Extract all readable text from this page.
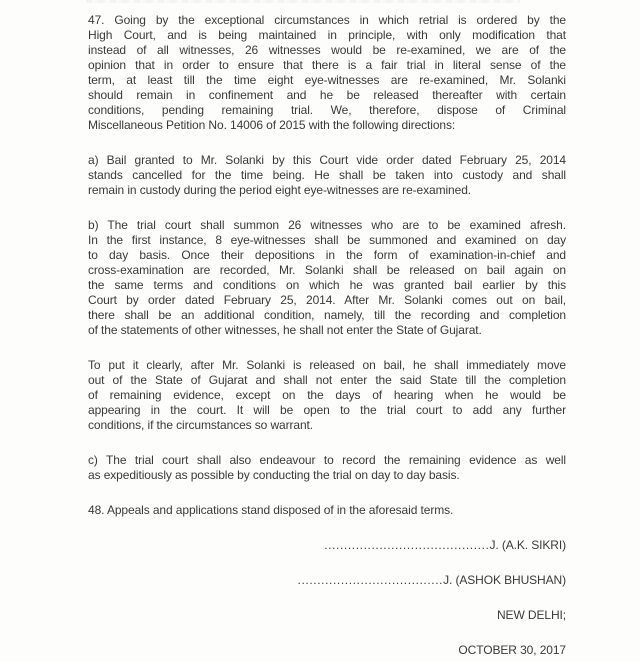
47. Going by the exceptional circumstances in which retrial is ordered by the
High Court, and is being maintained in principle, with only modification that
instead of all witnesses, 26 witnesses would be re-examined, we are of the
opinion that in order to ensure that there is a fair trial in literal sense of the
term, at least till the time eight eye-witnesses are re-examined, Mr. Solanki
should remain in confinement and he be released thereafter with certain
conditions, pending remaining trial. We, therefore, dispose of Criminal
Miscellaneous Petition No. 14006 of 2015 with the following directions:
a) Bail granted to Mr. Solanki by this Court vide order dated February 25, 2014
stands cancelled for the time being. He shall be taken into custody and shall
remain in custody during the period eight eye-witnesses are re-examined.
b) The trial court shall summon 26 witnesses who are to be examined afresh.
In the first instance, 8 eye-witnesses shall be summoned and examined on day
to day basis. Once their depositions in the form of examination-in-chief and
cross-examination are recorded, Mr. Solanki shall be released on bail again on
the same terms and conditions on which he was granted bail earlier by this
Court by order dated February 25, 2014. After Mr. Solanki comes out on bail,
there shall be an additional condition, namely, till the recording and completion
of the statements of other witnesses, he shall not enter the State of Gujarat.
To put it clearly, after Mr. Solanki is released on bail, he shall immediately move
out of the State of Gujarat and shall not enter the said State till the completion
of remaining evidence, except on the days of hearing when he would be
appearing in the court. It will be open to the trial court to add any further
conditions, if the circumstances so warrant.
c) The trial court shall also endeavour to record the remaining evidence as well
as expeditiously as possible by conducting the trial on day to day basis.
48. Appeals and applications stand disposed of in the aforesaid terms.
..........................................J. (A.K. SIKRI)
.....................................J. (ASHOK BHUSHAN)
NEW DELHI;
OCTOBER 30, 2017
